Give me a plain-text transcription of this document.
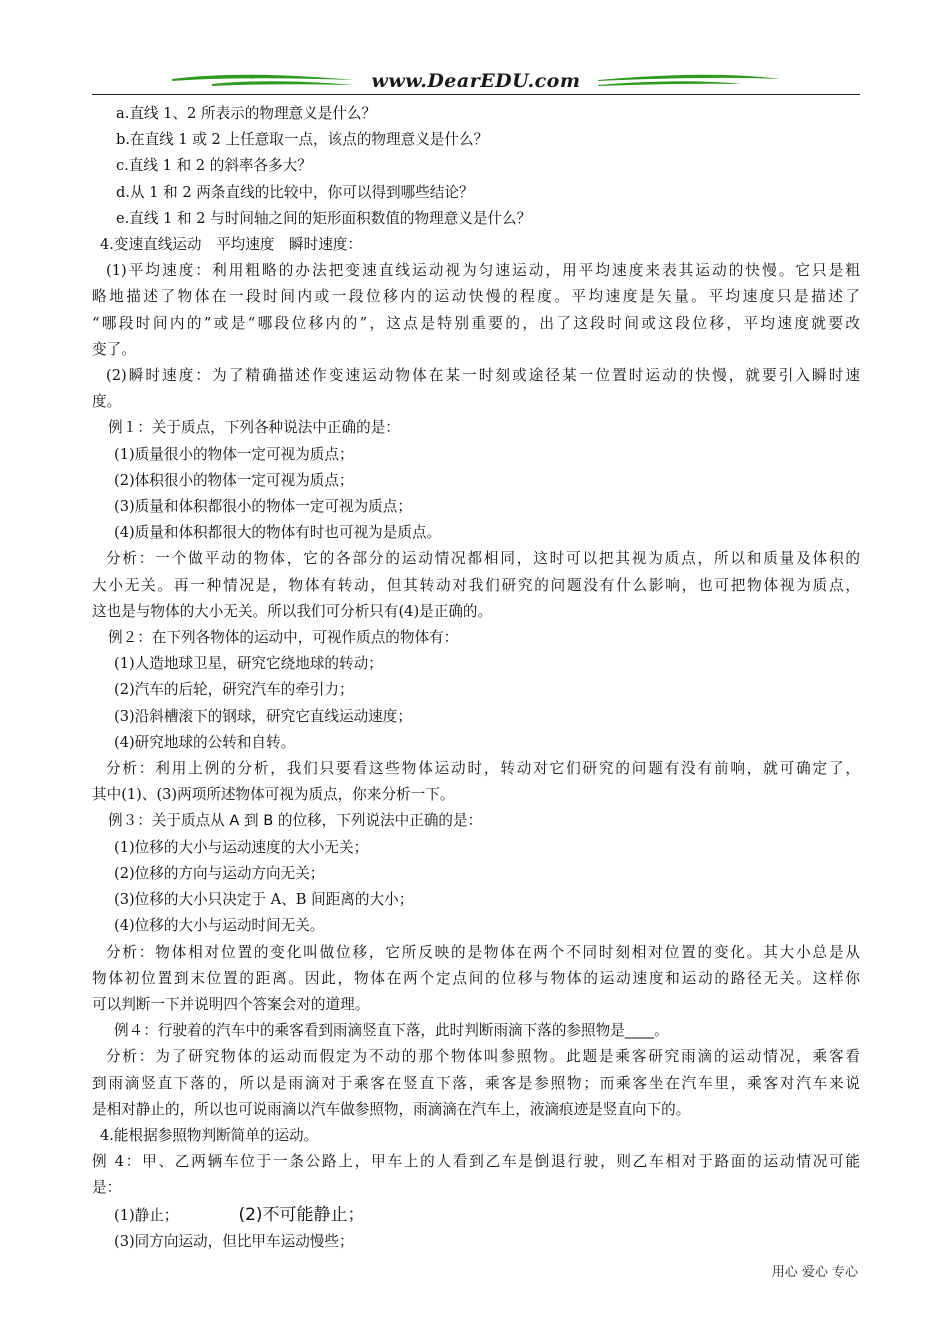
www.DearEDU.com
a.直线 1、2 所表示的物理意义是什么？
b.在直线 1 或 2 上任意取一点，该点的物理意义是什么？
c.直线 1 和 2 的斜率各多大？
d.从 1 和 2 两条直线的比较中，你可以得到哪些结论？
e.直线 1 和 2 与时间轴之间的矩形面积数值的物理意义是什么？
4.变速直线运动　平均速度　瞬时速度：
(1)平均速度：利用粗略的办法把变速直线运动视为匀速运动，用平均速度来表其运动的快慢。它只是粗
略地描述了物体在一段时间内或一段位移内的运动快慢的程度。平均速度是矢量。平均速度只是描述了
“哪段时间内的”或是“哪段位移内的”，这点是特别重要的，出了这段时间或这段位移，平均速度就要改
变了。
(2)瞬时速度：为了精确描述作变速运动物体在某一时刻或途径某一位置时运动的快慢，就要引入瞬时速
度。
例１：关于质点，下列各种说法中正确的是：
(1)质量很小的物体一定可视为质点；
(2)体积很小的物体一定可视为质点；
(3)质量和体积都很小的物体一定可视为质点；
(4)质量和体积都很大的物体有时也可视为是质点。
分析：一个做平动的物体，它的各部分的运动情况都相同，这时可以把其视为质点，所以和质量及体积的
大小无关。再一种情况是，物体有转动，但其转动对我们研究的问题没有什么影响，也可把物体视为质点，
这也是与物体的大小无关。所以我们可分析只有(4)是正确的。
例２：在下列各物体的运动中，可视作质点的物体有：
(1)人造地球卫星，研究它绕地球的转动；
(2)汽车的后轮，研究汽车的牵引力；
(3)沿斜槽滚下的钢球，研究它直线运动速度；
(4)研究地球的公转和自转。
分析：利用上例的分析，我们只要看这些物体运动时，转动对它们研究的问题有没有前响，就可确定了，
其中(1)、(3)两项所述物体可视为质点，你来分析一下。
例３：关于质点从 A 到 B 的位移，下列说法中正确的是：
(1)位移的大小与运动速度的大小无关；
(2)位移的方向与运动方向无关；
(3)位移的大小只决定于 A、B 间距离的大小；
(4)位移的大小与运动时间无关。
分析：物体相对位置的变化叫做位移，它所反映的是物体在两个不同时刻相对位置的变化。其大小总是从
物体初位置到末位置的距离。因此，物体在两个定点间的位移与物体的运动速度和运动的路径无关。这样你
可以判断一下并说明四个答案会对的道理。
例４：行驶着的汽车中的乘客看到雨滴竖直下落，此时判断雨滴下落的参照物是____。
分析：为了研究物体的运动而假定为不动的那个物体叫参照物。此题是乘客研究雨滴的运动情况，乘客看
到雨滴竖直下落的，所以是雨滴对于乘客在竖直下落，乘客是参照物；而乘客坐在汽车里，乘客对汽车来说
是相对静止的，所以也可说雨滴以汽车做参照物，雨滴滴在汽车上，液滴痕迹是竖直向下的。
4.能根据参照物判断简单的运动。
例 4：甲、乙两辆车位于一条公路上，甲车上的人看到乙车是倒退行驶，则乙车相对于路面的运动情况可能
是：
(1)静止；	(2)不可能静止；
(3)同方向运动，但比甲车运动慢些；
用心 爱心 专心
